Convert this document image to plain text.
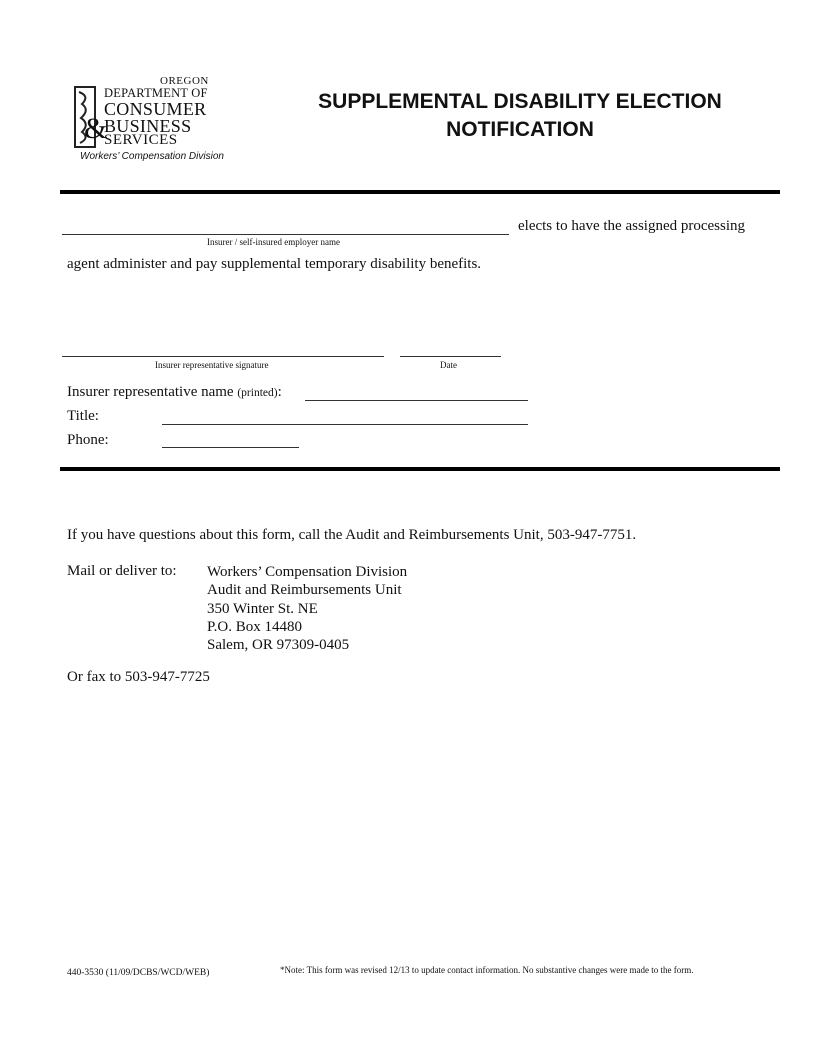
OREGON
DEPARTMENT OF
CONSUMER
&
BUSINESS
SERVICES
Workers’ Compensation Division
SUPPLEMENTAL DISABILITY ELECTION
NOTIFICATION
elects to have the assigned processing
Insurer / self-insured employer name
agent administer and pay supplemental temporary disability benefits.
Insurer representative signature	Date
Insurer representative name (printed):
Title:
Phone:
If you have questions about this form, call the Audit and Reimbursements Unit, 503-947-7751.
Mail or deliver to: Workers’ Compensation Division
Audit and Reimbursements Unit
350 Winter St. NE
P.O. Box 14480
Salem, OR 97309-0405
Or fax to 503-947-7725
440-3530 (11/09/DCBS/WCD/WEB)	*Note: This form was revised 12/13 to update contact information. No substantive changes were made to the form.
